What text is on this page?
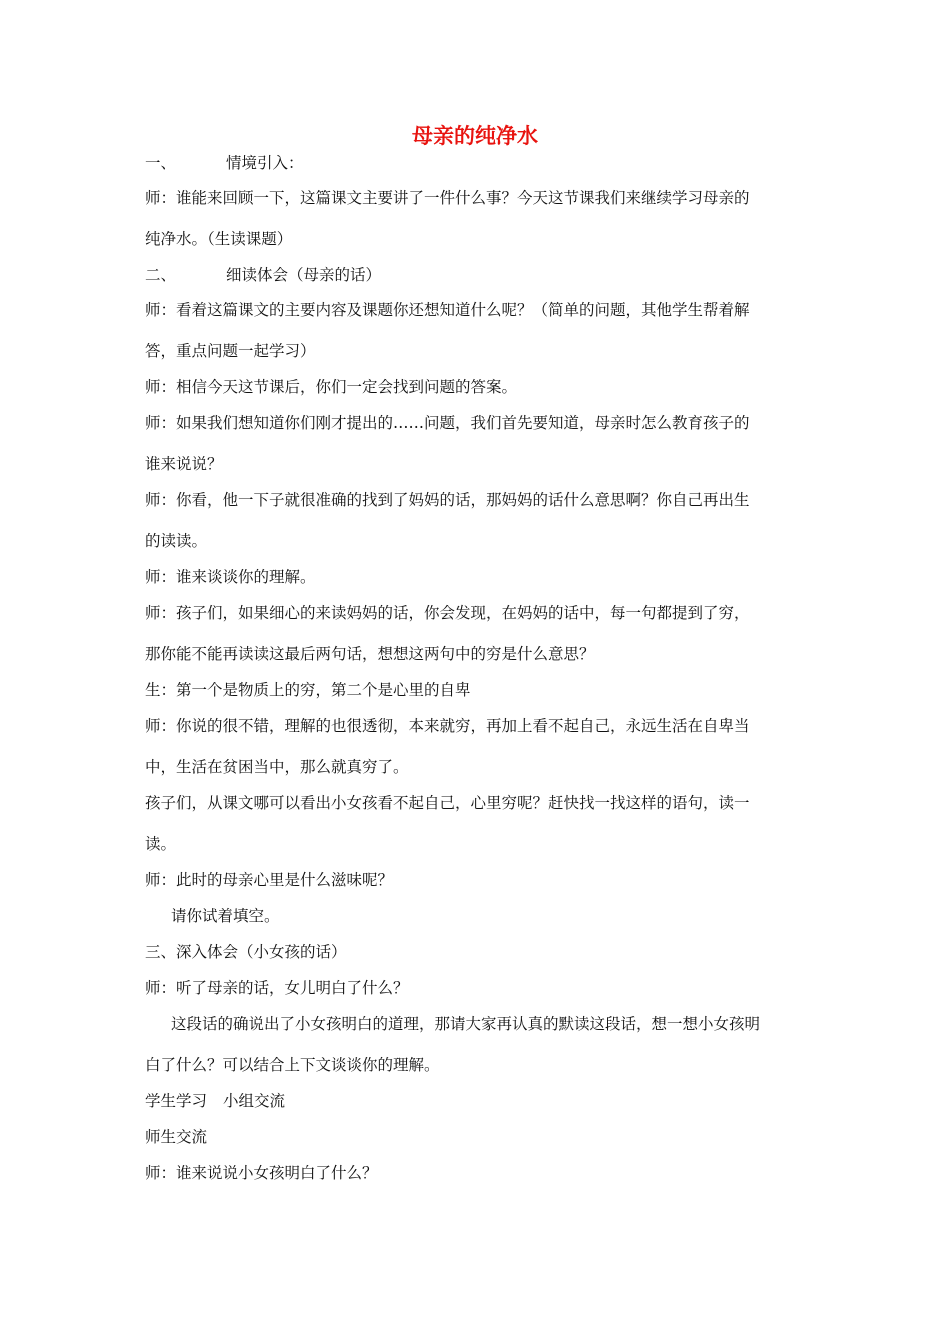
母亲的纯净水
一、	情境引入：
师：谁能来回顾一下，这篇课文主要讲了一件什么事？今天这节课我们来继续学习母亲的
纯净水。（生读课题）
二、	细读体会（母亲的话）
师：看着这篇课文的主要内容及课题你还想知道什么呢？（简单的问题，其他学生帮着解
答，重点问题一起学习）
师：相信今天这节课后，你们一定会找到问题的答案。
师：如果我们想知道你们刚才提出的……问题，我们首先要知道，母亲时怎么教育孩子的
谁来说说？
师：你看，他一下子就很准确的找到了妈妈的话，那妈妈的话什么意思啊？你自己再出生
的读读。
师：谁来谈谈你的理解。
师：孩子们，如果细心的来读妈妈的话，你会发现，在妈妈的话中，每一句都提到了穷，
那你能不能再读读这最后两句话，想想这两句中的穷是什么意思？
生：第一个是物质上的穷，第二个是心里的自卑
师：你说的很不错，理解的也很透彻，本来就穷，再加上看不起自己，永远生活在自卑当
中，生活在贫困当中，那么就真穷了。
孩子们，从课文哪可以看出小女孩看不起自己，心里穷呢？赶快找一找这样的语句，读一
读。
师：此时的母亲心里是什么滋味呢？
请你试着填空。
三、深入体会（小女孩的话）
师：听了母亲的话，女儿明白了什么？
这段话的确说出了小女孩明白的道理，那请大家再认真的默读这段话，想一想小女孩明
白了什么？可以结合上下文谈谈你的理解。
学生学习 小组交流
师生交流
师：谁来说说小女孩明白了什么？
